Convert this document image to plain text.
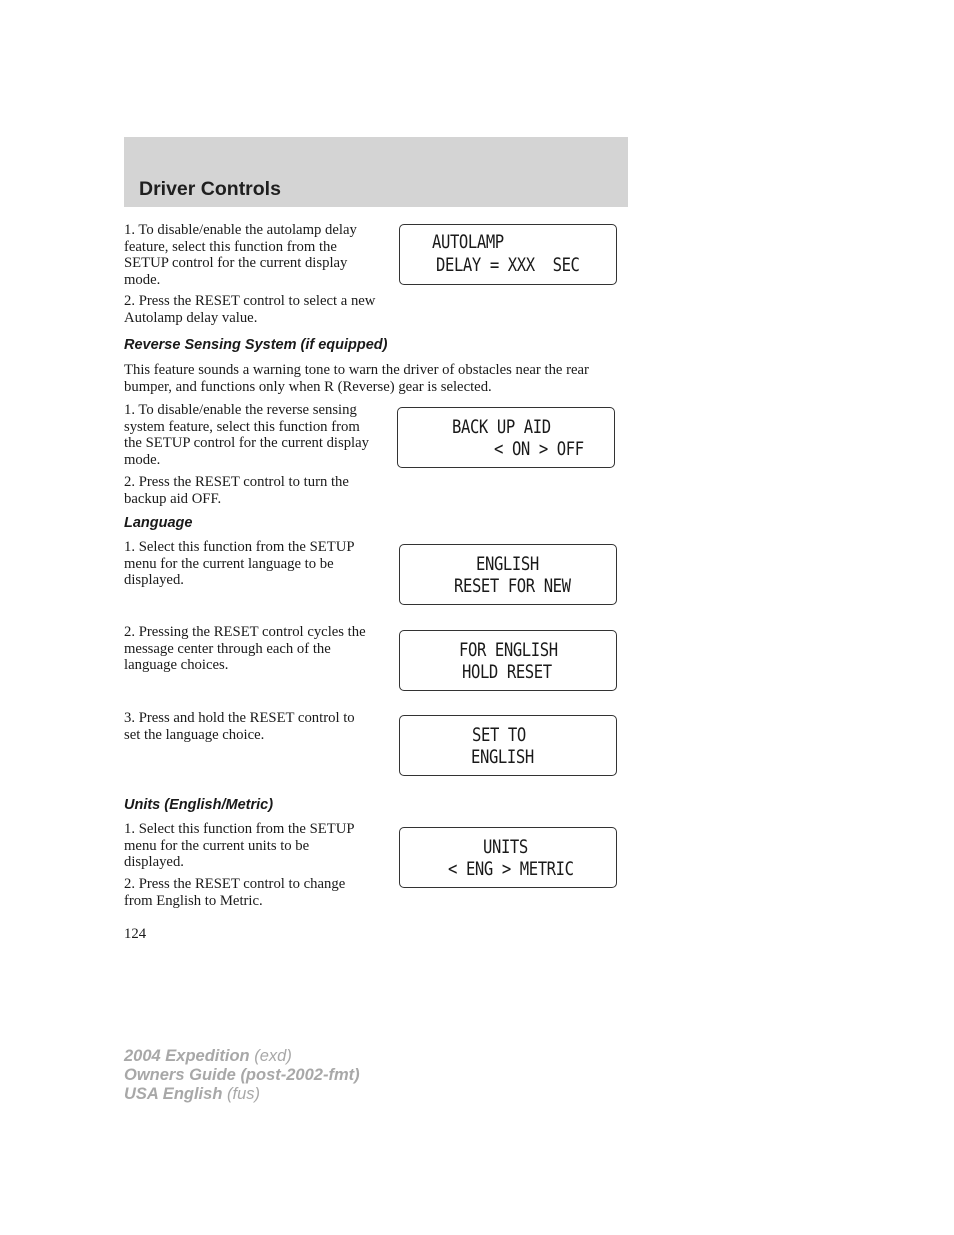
Driver Controls

1. To disable/enable the autolamp delay feature, select this function from the SETUP control for the current display mode.

2. Press the RESET control to select a new Autolamp delay value.

AUTOLAMP
DELAY = XXX  SEC
Reverse Sensing System (if equipped)

This feature sounds a warning tone to warn the driver of obstacles near the rear bumper, and functions only when R (Reverse) gear is selected.

1. To disable/enable the reverse sensing system feature, select this function from the SETUP control for the current display mode.

2. Press the RESET control to turn the backup aid OFF.

BACK UP AID
< ON > OFF
Language

1. Select this function from the SETUP menu for the current language to be displayed.

2. Pressing the RESET control cycles the message center through each of the language choices.

3. Press and hold the RESET control to set the language choice.

ENGLISH
RESET FOR NEW
FOR ENGLISH
HOLD RESET
SET TO
ENGLISH
Units (English/Metric)

1. Select this function from the SETUP menu for the current units to be displayed.

2. Press the RESET control to change from English to Metric.

UNITS
< ENG > METRIC
124
2004 Expedition (exd)
Owners Guide (post-2002-fmt)
USA English (fus)
